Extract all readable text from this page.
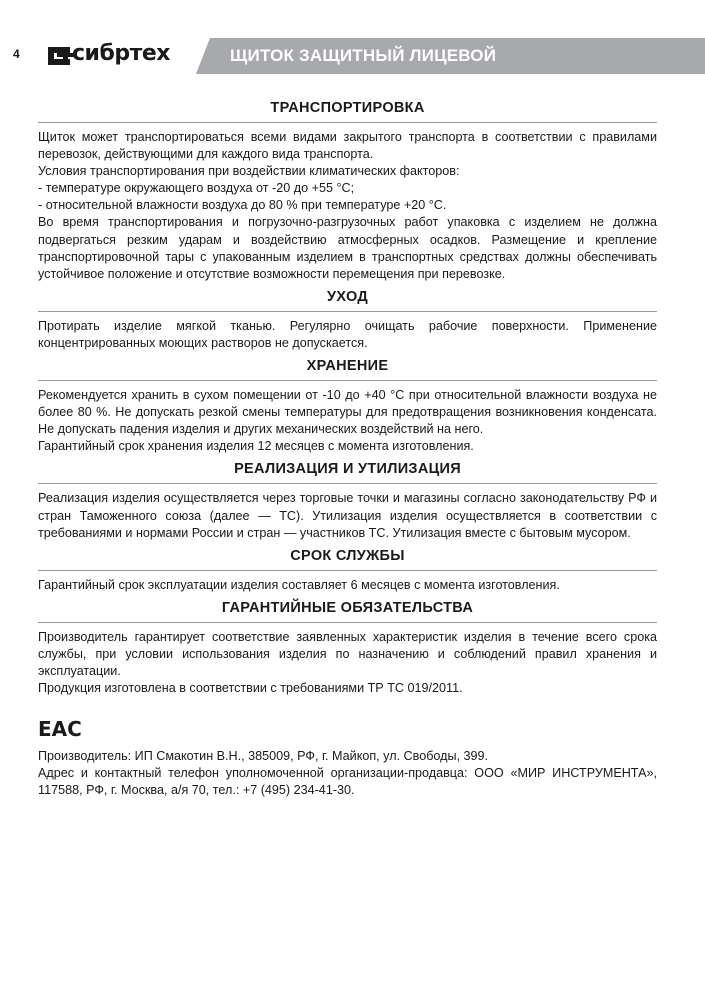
4 сибртех	ЩИТОК ЗАЩИТНЫЙ ЛИЦЕВОЙ
ТРАНСПОРТИРОВКА

Щиток может транспортироваться всеми видами закрытого транспорта в соответствии с правилами перевозок, действующими для каждого вида транспорта.

Условия транспортирования при воздействии климатических факторов:

- температуре окружающего воздуха от -20 до +55 °С;

- относительной влажности воздуха до 80 % при температуре +20 °С.

Во время транспортирования и погрузочно-разгрузочных работ упаковка с изделием не должна подвергаться резким ударам и воздействию атмосферных осадков. Размещение и крепление транспортировочной тары с упакованным изделием в транспортных средствах должны обеспечивать устойчивое положение и отсутствие возможности перемещения при перевозке.

УХОД

Протирать изделие мягкой тканью. Регулярно очищать рабочие поверхности. Применение концентрированных моющих растворов не допускается.

ХРАНЕНИЕ

Рекомендуется хранить в сухом помещении от -10 до +40 °С при относительной влажности воздуха не более 80 %. Не допускать резкой смены температуры для предотвращения возникновения конденсата. Не допускать падения изделия и других механических воздействий на него.

Гарантийный срок хранения изделия 12 месяцев с момента изготовления.

РЕАЛИЗАЦИЯ И УТИЛИЗАЦИЯ

Реализация изделия осуществляется через торговые точки и магазины согласно законодательству РФ и стран Таможенного союза (далее — ТС). Утилизация изделия осуществляется в соответствии с требованиями и нормами России и стран — участников ТС. Утилизация вместе с бытовым мусором.

СРОК СЛУЖБЫ

Гарантийный срок эксплуатации изделия составляет 6 месяцев с момента изготовления.

ГАРАНТИЙНЫЕ ОБЯЗАТЕЛЬСТВА

Производитель гарантирует соответствие заявленных характеристик изделия в течение всего срока службы, при условии использования изделия по назначению и соблюдений правил хранения и эксплуатации.

Продукция изготовлена в соответствии с требованиями ТР ТС 019/2011.

EAC

Производитель: ИП Смакотин В.Н., 385009, РФ, г. Майкоп, ул. Свободы, 399.

Адрес и контактный телефон уполномоченной организации-продавца: ООО «МИР ИНСТРУМЕНТА», 117588, РФ, г. Москва, а/я 70, тел.: +7 (495) 234-41-30.
